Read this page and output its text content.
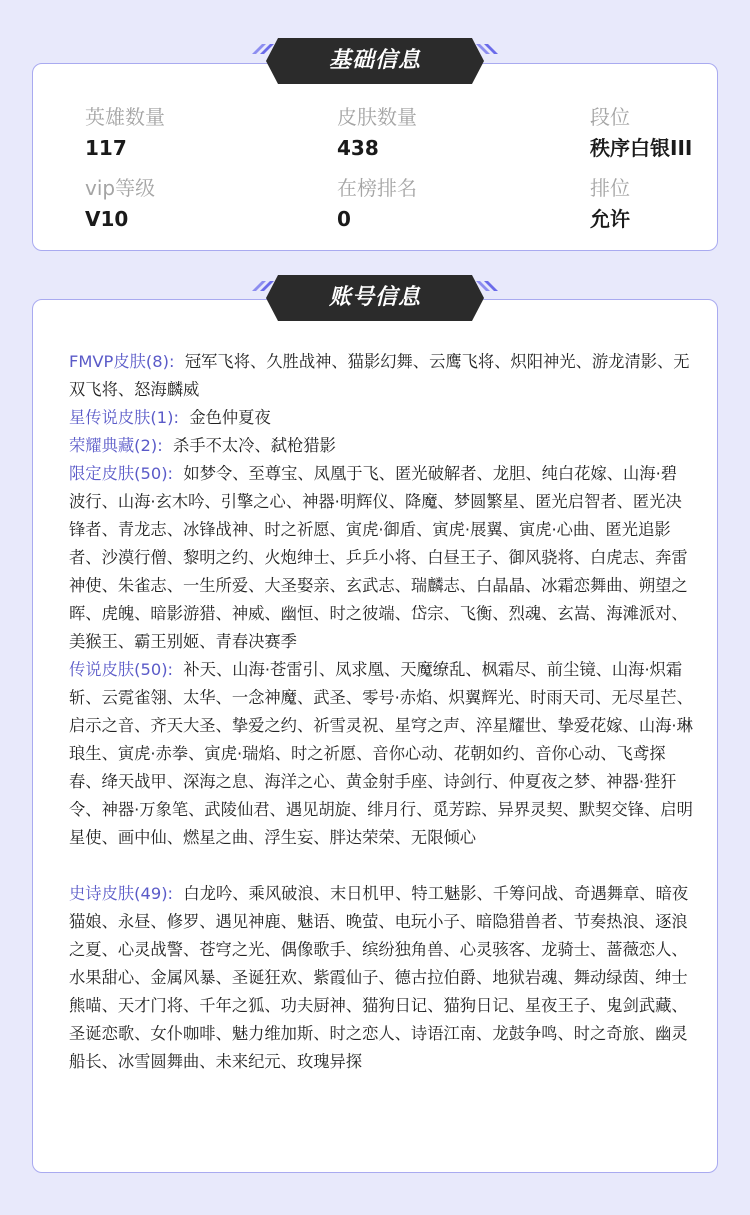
英雄数量
117
皮肤数量
438
段位
秩序白银III
vip等级
V10
在榜排名
0
排位
允许
基础信息

FMVP皮肤(8): 冠军飞将、久胜战神、猫影幻舞、云鹰飞将、炽阳神光、游龙清影、无双飞将、怒海麟威

星传说皮肤(1): 金色仲夏夜

荣耀典藏(2): 杀手不太冷、弑枪猎影

限定皮肤(50): 如梦令、至尊宝、凤凰于飞、匿光破解者、龙胆、纯白花嫁、山海·碧波行、山海·玄木吟、引擎之心、神器·明辉仪、降魔、梦圆繁星、匿光启智者、匿光决锋者、青龙志、冰锋战神、时之祈愿、寅虎·御盾、寅虎·展翼、寅虎·心曲、匿光追影者、沙漠行僧、黎明之约、火炮绅士、乒乒小将、白昼王子、御风骁将、白虎志、奔雷神使、朱雀志、一生所爱、大圣娶亲、玄武志、瑞麟志、白晶晶、冰霜恋舞曲、朔望之晖、虎魄、暗影游猎、神威、幽恒、时之彼端、岱宗、飞衡、烈魂、玄嵩、海滩派对、美猴王、霸王别姬、青春决赛季

传说皮肤(50): 补天、山海·苍雷引、凤求凰、天魔缭乱、枫霜尽、前尘镜、山海·炽霜斩、云霓雀翎、太华、一念神魔、武圣、零号·赤焰、炽翼辉光、时雨天司、无尽星芒、启示之音、齐天大圣、挚爱之约、祈雪灵祝、星穹之声、淬星耀世、挚爱花嫁、山海·琳琅生、寅虎·赤拳、寅虎·瑞焰、时之祈愿、音你心动、花朝如约、音你心动、飞鸢探春、绛天战甲、深海之息、海洋之心、黄金射手座、诗剑行、仲夏夜之梦、神器·狴犴令、神器·万象笔、武陵仙君、遇见胡旋、绯月行、觅芳踪、异界灵契、默契交锋、启明星使、画中仙、燃星之曲、浮生妄、胖达荣荣、无限倾心

史诗皮肤(49): 白龙吟、乘风破浪、末日机甲、特工魅影、千筹问战、奇遇舞章、暗夜猫娘、永昼、修罗、遇见神鹿、魅语、晚萤、电玩小子、暗隐猎兽者、节奏热浪、逐浪之夏、心灵战警、苍穹之光、偶像歌手、缤纷独角兽、心灵骇客、龙骑士、蔷薇恋人、水果甜心、金属风暴、圣诞狂欢、紫霞仙子、德古拉伯爵、地狱岩魂、舞动绿茵、绅士熊喵、天才门将、千年之狐、功夫厨神、猫狗日记、猫狗日记、星夜王子、鬼剑武藏、圣诞恋歌、女仆咖啡、魅力维加斯、时之恋人、诗语江南、龙鼓争鸣、时之奇旅、幽灵船长、冰雪圆舞曲、未来纪元、玫瑰异探

账号信息
